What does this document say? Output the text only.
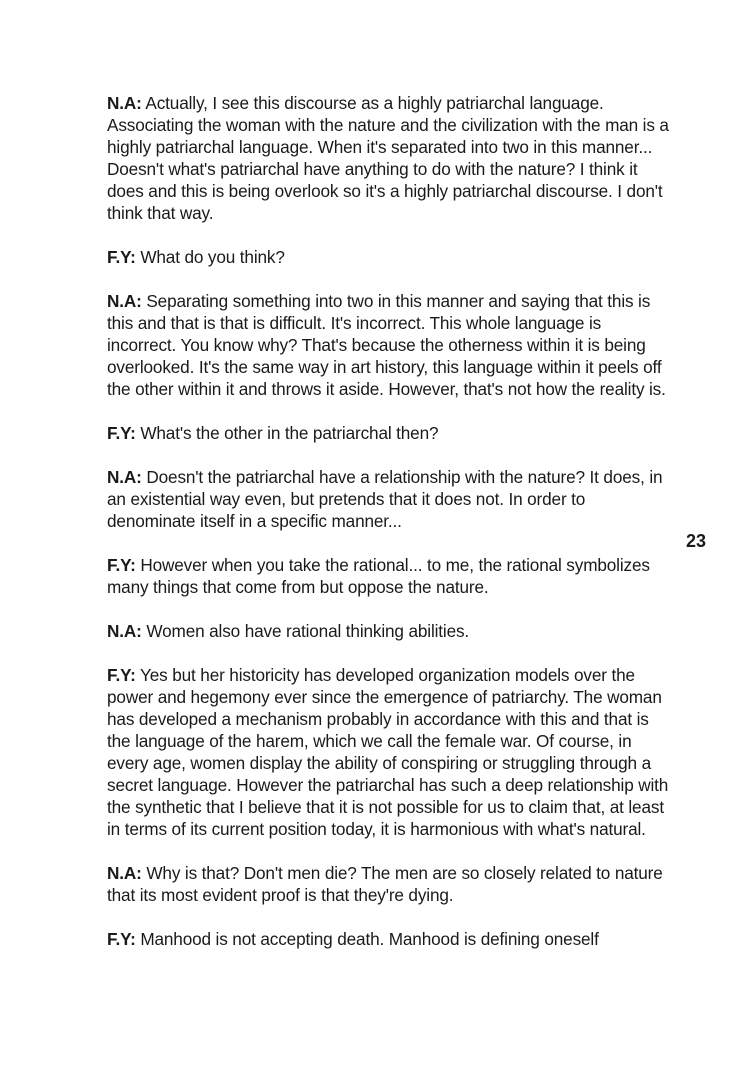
N.A: Actually, I see this discourse as a highly patriarchal language. Associating the woman with the nature and the civilization with the man is a highly patriarchal language. When it's separated into two in this manner... Doesn't what's patriarchal have anything to do with the nature? I think it does and this is being overlook so it's a highly patriarchal discourse. I don't think that way.

F.Y: What do you think?

N.A: Separating something into two in this manner and saying that this is this and that is that is difficult. It's incorrect. This whole language is incorrect. You know why? That's because the otherness within it is being overlooked. It's the same way in art history, this language within it peels off the other within it and throws it aside. However, that's not how the reality is.

F.Y: What's the other in the patriarchal then?

N.A: Doesn't the patriarchal have a relationship with the nature? It does, in an existential way even, but pretends that it does not. In order to denominate itself in a specific manner...

F.Y: However when you take the rational... to me, the rational symbolizes many things that come from but oppose the nature.

N.A: Women also have rational thinking abilities.

F.Y: Yes but her historicity has developed organization models over the power and hegemony ever since the emergence of patriarchy. The woman has developed a mechanism probably in accordance with this and that is the language of the harem, which we call the female war. Of course, in every age, women display the ability of conspiring or struggling through a secret language. However the patriarchal has such a deep relationship with the synthetic that I believe that it is not possible for us to claim that, at least in terms of its current position today, it is harmonious with what's natural.

N.A: Why is that? Don't men die? The men are so closely related to nature that its most evident proof is that they're dying.

F.Y: Manhood is not accepting death. Manhood is defining oneself

23
